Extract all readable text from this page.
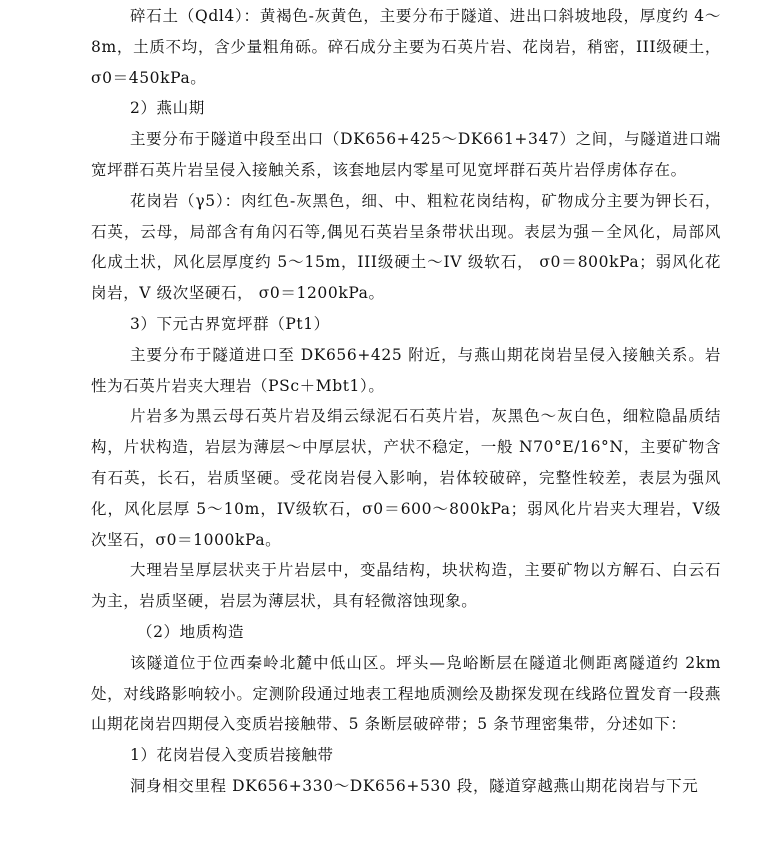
碎石土（Qdl4）：黄褐色-灰黄色，主要分布于隧道、进出口斜坡地段，厚度约 4～8m，土质不均，含少量粗角砾。碎石成分主要为石英片岩、花岗岩，稍密，III级硬土，σ0＝450kPa。

2）燕山期

主要分布于隧道中段至出口（DK656+425～DK661+347）之间，与隧道进口端宽坪群石英片岩呈侵入接触关系，该套地层内零星可见宽坪群石英片岩俘虏体存在。

花岗岩（γ5）：肉红色-灰黑色，细、中、粗粒花岗结构，矿物成分主要为钾长石，石英，云母，局部含有角闪石等,偶见石英岩呈条带状出现。表层为强－全风化，局部风化成土状，风化层厚度约 5～15m，III级硬土～IV 级软石， σ0＝800kPa；弱风化花岗岩，V 级次坚硬石， σ0＝1200kPa。

3）下元古界宽坪群（Pt1）

主要分布于隧道进口至 DK656+425 附近，与燕山期花岗岩呈侵入接触关系。岩性为石英片岩夹大理岩（PSc＋Mbt1）。

片岩多为黑云母石英片岩及绢云绿泥石石英片岩，灰黑色～灰白色，细粒隐晶质结构，片状构造，岩层为薄层～中厚层状，产状不稳定，一般 N70°E/16°N，主要矿物含有石英，长石，岩质坚硬。受花岗岩侵入影响，岩体较破碎，完整性较差，表层为强风化，风化层厚 5～10m，IV级软石，σ0＝600～800kPa；弱风化片岩夹大理岩，V级次坚石，σ0＝1000kPa。

大理岩呈厚层状夹于片岩层中，变晶结构，块状构造，主要矿物以方解石、白云石为主，岩质坚硬，岩层为薄层状，具有轻微溶蚀现象。

（2）地质构造

该隧道位于位西秦岭北麓中低山区。坪头—凫峪断层在隧道北侧距离隧道约 2km 处，对线路影响较小。定测阶段通过地表工程地质测绘及勘探发现在线路位置发育一段燕山期花岗岩四期侵入变质岩接触带、5 条断层破碎带；5 条节理密集带，分述如下：

1）花岗岩侵入变质岩接触带

洞身相交里程 DK656+330～DK656+530 段，隧道穿越燕山期花岗岩与下元
